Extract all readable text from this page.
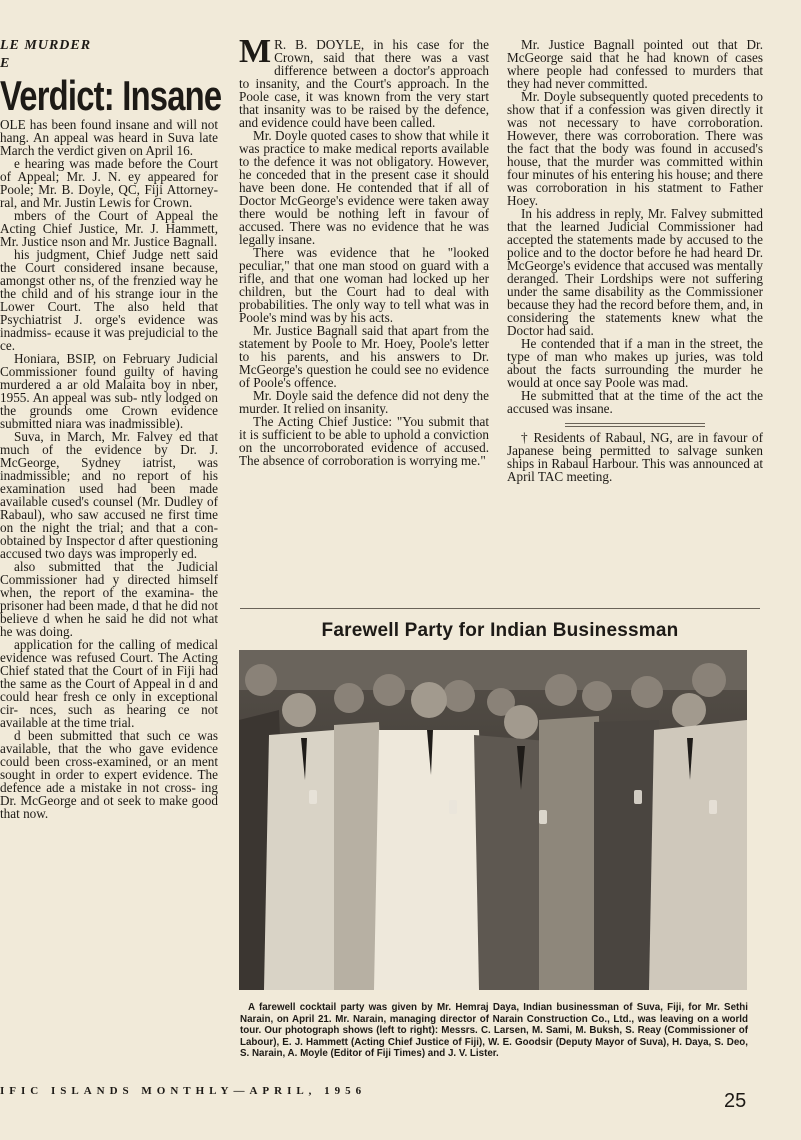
LE MURDER
E
Verdict: Insane

OLE has been found insane and will not hang. An appeal was heard in Suva late March the verdict given on April 16.

e hearing was made before the Court of Appeal; Mr. J. N. ey appeared for Poole; Mr. B. Doyle, QC, Fiji Attorney-ral, and Mr. Justin Lewis for Crown.

mbers of the Court of Appeal the Acting Chief Justice, Mr. J. Hammett, Mr. Justice nson and Mr. Justice Bagnall.

his judgment, Chief Judge nett said the Court considered insane because, amongst other ns, of the frenzied way he the child and of his strange iour in the Lower Court. The also held that Psychiatrist J. orge's evidence was inadmiss- ecause it was prejudicial to the ce.

Honiara, BSIP, on February Judicial Commissioner found guilty of having murdered a ar old Malaita boy in nber, 1955. An appeal was sub- ntly lodged on the grounds ome Crown evidence submitted niara was inadmissible).

Suva, in March, Mr. Falvey ed that much of the evidence by Dr. J. McGeorge, Sydney iatrist, was inadmissible; and no report of his examination used had been made available cused's counsel (Mr. Dudley of Rabaul), who saw accused ne first time on the night the trial; and that a con- obtained by Inspector d after questioning accused two days was improperly ed.

also submitted that the Judicial Commissioner had y directed himself when, the report of the examina- the prisoner had been made, d that he did not believe d when he said he did not what he was doing.

application for the calling of medical evidence was refused Court. The Acting Chief stated that the Court of in Fiji had the same as the Court of Appeal in d and could hear fresh ce only in exceptional cir- nces, such as hearing ce not available at the time trial.

d been submitted that such ce was available, that the who gave evidence could been cross-examined, or an ment sought in order to expert evidence. The defence ade a mistake in not cross- ing Dr. McGeorge and ot seek to make good that now.

M R. B. DOYLE, in his case for the Crown, said that there was a vast difference between a doctor's approach to insanity, and the Court's approach. In the Poole case, it was known from the very start that insanity was to be raised by the defence, and evidence could have been called.

Mr. Doyle quoted cases to show that while it was practice to make medical reports available to the defence it was not obligatory. However, he conceded that in the present case it should have been done. He contended that if all of Doctor McGeorge's evidence were taken away there would be nothing left in favour of accused. There was no evidence that he was legally insane.

There was evidence that he "looked peculiar," that one man stood on guard with a rifle, and that one woman had locked up her children, but the Court had to deal with probabilities. The only way to tell what was in Poole's mind was by his acts.

Mr. Justice Bagnall said that apart from the statement by Poole to Mr. Hoey, Poole's letter to his parents, and his answers to Dr. McGeorge's question he could see no evidence of Poole's offence.

Mr. Doyle said the defence did not deny the murder. It relied on insanity.

The Acting Chief Justice: "You submit that it is sufficient to be able to uphold a conviction on the uncorroborated evidence of accused. The absence of corroboration is worrying me."

Mr. Justice Bagnall pointed out that Dr. McGeorge said that he had known of cases where people had confessed to murders that they had never committed.

Mr. Doyle subsequently quoted precedents to show that if a confession was given directly it was not necessary to have corroboration. However, there was corroboration. There was the fact that the body was found in accused's house, that the murder was committed within four minutes of his entering his house; and there was corroboration in his statment to Father Hoey.

In his address in reply, Mr. Falvey submitted that the learned Judicial Commissioner had accepted the statements made by accused to the police and to the doctor before he had heard Dr. McGeorge's evidence that accused was mentally deranged. Their Lordships were not suffering under the same disability as the Commissioner because they had the record before them, and, in considering the statements knew what the Doctor had said.

He contended that if a man in the street, the type of man who makes up juries, was told about the facts surrounding the murder he would at once say Poole was mad.

He submitted that at the time of the act the accused was insane.

† Residents of Rabaul, NG, are in favour of Japanese being permitted to salvage sunken ships in Rabaul Harbour. This was announced at April TAC meeting.

Farewell Party for Indian Businessman

A farewell cocktail party was given by Mr. Hemraj Daya, Indian businessman of Suva, Fiji, for Mr. Sethi Narain, on April 21. Mr. Narain, managing director of Narain Construction Co., Ltd., was leaving on a world tour. Our photograph shows (left to right): Messrs. C. Larsen, M. Sami, M. Buksh, S. Reay (Commissioner of Labour), E. J. Hammett (Acting Chief Justice of Fiji), W. E. Goodsir (Deputy Mayor of Suva), H. Daya, S. Deo, S. Narain, A. Moyle (Editor of Fiji Times) and J. V. Lister.

IFIC ISLANDS MONTHLY—APRIL, 1956	25
